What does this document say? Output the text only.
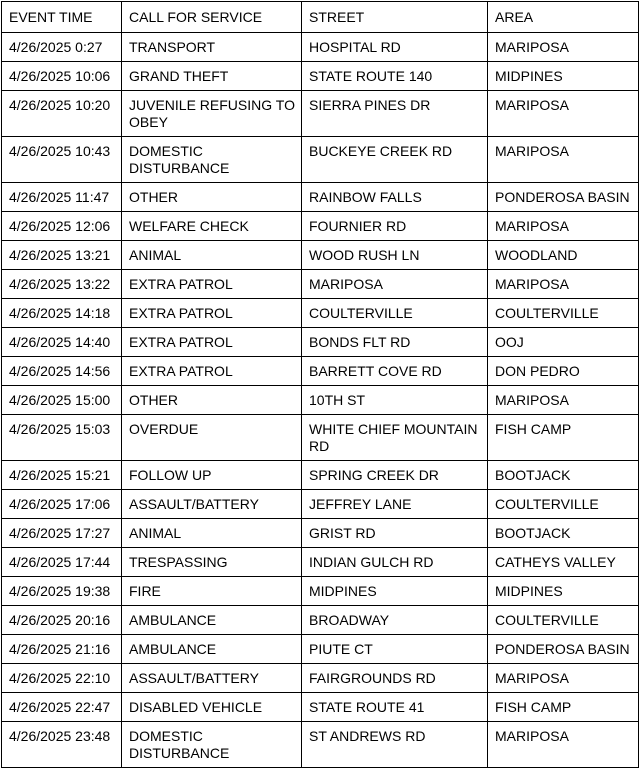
EVENT TIME	CALL FOR SERVICE	STREET	AREA
4/26/2025 0:27	TRANSPORT	HOSPITAL RD	MARIPOSA
4/26/2025 10:06	GRAND THEFT	STATE ROUTE 140	MIDPINES
4/26/2025 10:20	JUVENILE REFUSING TO OBEY	SIERRA PINES DR	MARIPOSA
4/26/2025 10:43	DOMESTIC DISTURBANCE	BUCKEYE CREEK RD	MARIPOSA
4/26/2025 11:47	OTHER	RAINBOW FALLS	PONDEROSA BASIN
4/26/2025 12:06	WELFARE CHECK	FOURNIER RD	MARIPOSA
4/26/2025 13:21	ANIMAL	WOOD RUSH LN	WOODLAND
4/26/2025 13:22	EXTRA PATROL	MARIPOSA	MARIPOSA
4/26/2025 14:18	EXTRA PATROL	COULTERVILLE	COULTERVILLE
4/26/2025 14:40	EXTRA PATROL	BONDS FLT RD	OOJ
4/26/2025 14:56	EXTRA PATROL	BARRETT COVE RD	DON PEDRO
4/26/2025 15:00	OTHER	10TH ST	MARIPOSA
4/26/2025 15:03	OVERDUE	WHITE CHIEF MOUNTAIN RD	FISH CAMP
4/26/2025 15:21	FOLLOW UP	SPRING CREEK DR	BOOTJACK
4/26/2025 17:06	ASSAULT/BATTERY	JEFFREY LANE	COULTERVILLE
4/26/2025 17:27	ANIMAL	GRIST RD	BOOTJACK
4/26/2025 17:44	TRESPASSING	INDIAN GULCH RD	CATHEYS VALLEY
4/26/2025 19:38	FIRE	MIDPINES	MIDPINES
4/26/2025 20:16	AMBULANCE	BROADWAY	COULTERVILLE
4/26/2025 21:16	AMBULANCE	PIUTE CT	PONDEROSA BASIN
4/26/2025 22:10	ASSAULT/BATTERY	FAIRGROUNDS RD	MARIPOSA
4/26/2025 22:47	DISABLED VEHICLE	STATE ROUTE 41	FISH CAMP
4/26/2025 23:48	DOMESTIC DISTURBANCE	ST ANDREWS RD	MARIPOSA
